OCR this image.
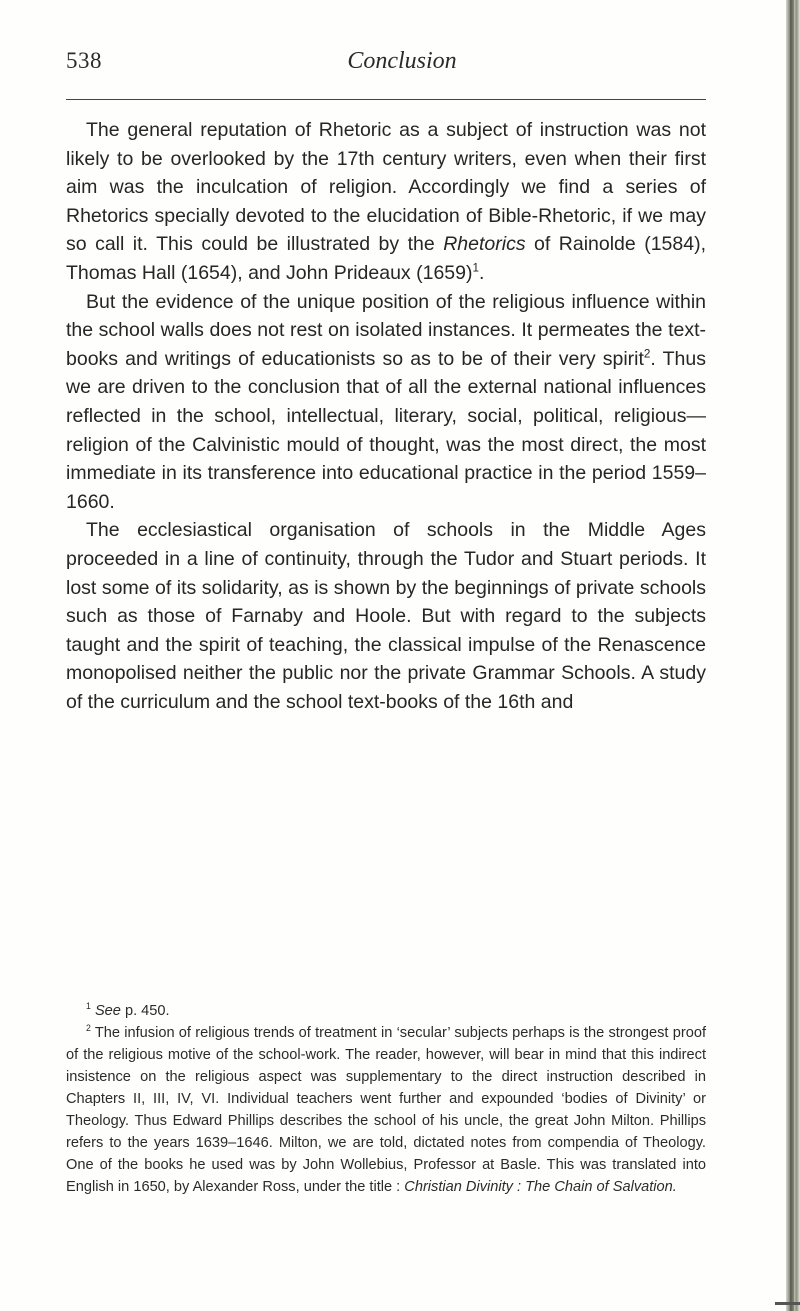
538	Conclusion

The general reputation of Rhetoric as a subject of instruction was not likely to be overlooked by the 17th century writers, even when their first aim was the inculcation of religion. Accordingly we find a series of Rhetorics specially devoted to the elucidation of Bible-Rhetoric, if we may so call it. This could be illustrated by the Rhetorics of Rainolde (1584), Thomas Hall (1654), and John Prideaux $(1659)^1$.

But the evidence of the unique position of the religious influence within the school walls does not rest on isolated instances. It permeates the text-books and writings of educationists so as to be of their very spirit$^2$. Thus we are driven to the conclusion that of all the external national influences reflected in the school, intellectual, literary, social, political, religious—religion of the Calvinistic mould of thought, was the most direct, the most immediate in its transference into educational practice in the period 1559–1660.

The ecclesiastical organisation of schools in the Middle Ages proceeded in a line of continuity, through the Tudor and Stuart periods. It lost some of its solidarity, as is shown by the beginnings of private schools such as those of Farnaby and Hoole. But with regard to the subjects taught and the spirit of teaching, the classical impulse of the Renascence monopolised neither the public nor the private Grammar Schools. A study of the curriculum and the school text-books of the 16th and

$^1$ See p. 450.

$^2$ The infusion of religious trends of treatment in ‘secular’ subjects perhaps is the strongest proof of the religious motive of the school-work. The reader, however, will bear in mind that this indirect insistence on the religious aspect was supplementary to the direct instruction described in Chapters II, III, IV, VI. Individual teachers went further and expounded ‘bodies of Divinity’ or Theology. Thus Edward Phillips describes the school of his uncle, the great John Milton. Phillips refers to the years 1639–1646. Milton, we are told, dictated notes from compendia of Theology. One of the books he used was by John Wollebius, Professor at Basle. This was translated into English in 1650, by Alexander Ross, under the title : Christian Divinity : The Chain of Salvation.
